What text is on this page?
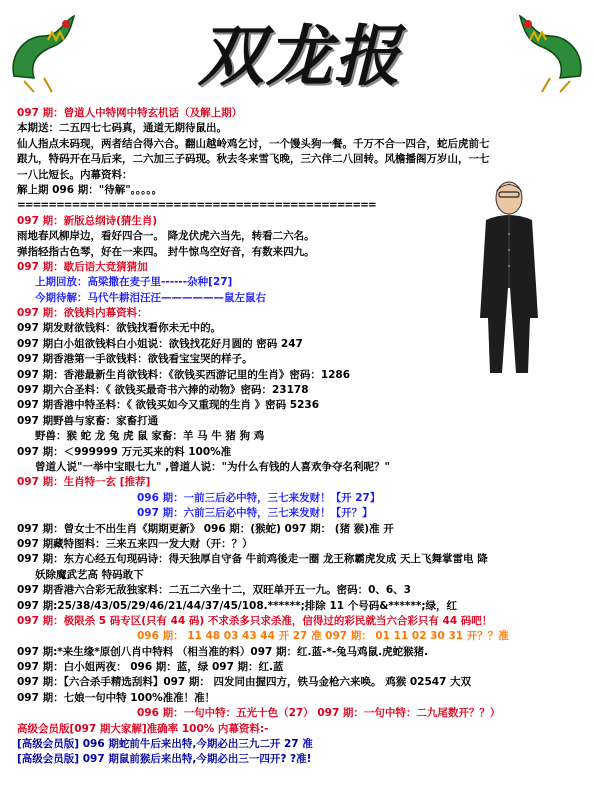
双龙报
097 期：曾道人中特网中特玄机话（及解上期）
本期送：二五四七七码真，通道无期待鼠出。
仙人指点未码现，两者结合得六合。翻山越岭鸡乞讨，一个馒头狗一餐。千万不合一四合，蛇后虎前七
跟九，特码开在马后来，二六加三子码现。秋去冬来雪飞晚，三六伴二八回转。风檐播阁万岁山，一七
一八比短长。内幕资料：
解上期 096 期："待解"。。。。。
==============================================
097 期：新版总纲诗(猜生肖)
雨地春风柳岸边，看好四合一。 降龙伏虎六当先，转看二六名。
弹指轻指古色琴，好在一来四。 封牛惊鸟空好音，有数来四九。
097 期：歇后语大竞猜猜加
上期回放：高梁撒在麦子里------杂种[27]
今期待解：马代牛耕泪汪汪——————鼠左鼠右
097 期：欲钱料内幕资料：
097 期发财欲钱料：欲钱找看你未无中的。
097 期白小姐欲钱料白小姐说：欲钱找花好月圆的 密码 247
097 期香港第一手欲钱料：欲钱看宝宝哭的样子。
097 期：香港最新生肖欲钱料：《欲钱买西游记里的生肖》密码：1286
097 期六合圣料：《 欲钱买最奇书六捧的动物》密码：23178
097 期香港中特圣料：《 欲钱买如今又重现的生肖 》密码 5236
097 期野兽与家畜：家畜打通
野兽：猴 蛇 龙 兔 虎 鼠 家畜：羊 马 牛 猪 狗 鸡
097 期：＜999999 万元买来的料 100%准
曾道人说"一举中宝眼七九" ,曾道人说："为什么有钱的人喜欢争夺名利呢？"
097 期：生肖特一玄 [推荐]
096 期：一前三后必中特，三七来发财！【开 27】
097 期：六前三后必中特，三七来发财！【开？】
097 期：曾女士不出生肖《期期更新》 096 期：(猴蛇) 097 期： (猪 猴)准 开
097 期藏特图料：三来五来四一发大财（开：？）
097 期：东方心经五句现码诗：得天独厚自守备 牛前鸡後走一圈 龙王称霸虎发成 天上飞舞掌雷电 降
妖除魔武艺高 特码敢下
097 期香港六合彩无敌独家料：二五二六坐十二，双旺单开五一九。密码：0、6、3
097 期:25/38/43/05/29/46/21/44/37/45/108.******;排除 11 个号码&******;绿，红
097 期：极限杀 5 码专区(只有 44 码) 不求杀多只求杀准，信得过的彩民就当六合彩只有 44 码吧！
096 期： 11 48 03 43 44 开 27 准 097 期： 01 11 02 30 31 开？？准
097 期:*来生缘*原创八肖中特料 （相当准的料）097 期：红.蓝-*-兔马鸡鼠.虎蛇猴猪.
097 期：白小姐两夜： 096 期：蓝，绿 097 期：红.蓝
097 期：【六合杀手精选刮料】097 期： 四发同由握四方，铁马金枪六来唤。 鸡猴 02547 大双
097 期：七娘一句中特 100%准准！准！
096 期：一句中特：五光十色（27） 097 期：一句中特：二九尾数开？？）
高级会员版[097 期大家解]准确率 100% 内幕资料:-
[高级会员版] 096 期蛇前牛后来出特,今期必出三九二开 27 准
[高级会员版] 097 期鼠前猴后来出特,今期必出三一四开? ?准!
